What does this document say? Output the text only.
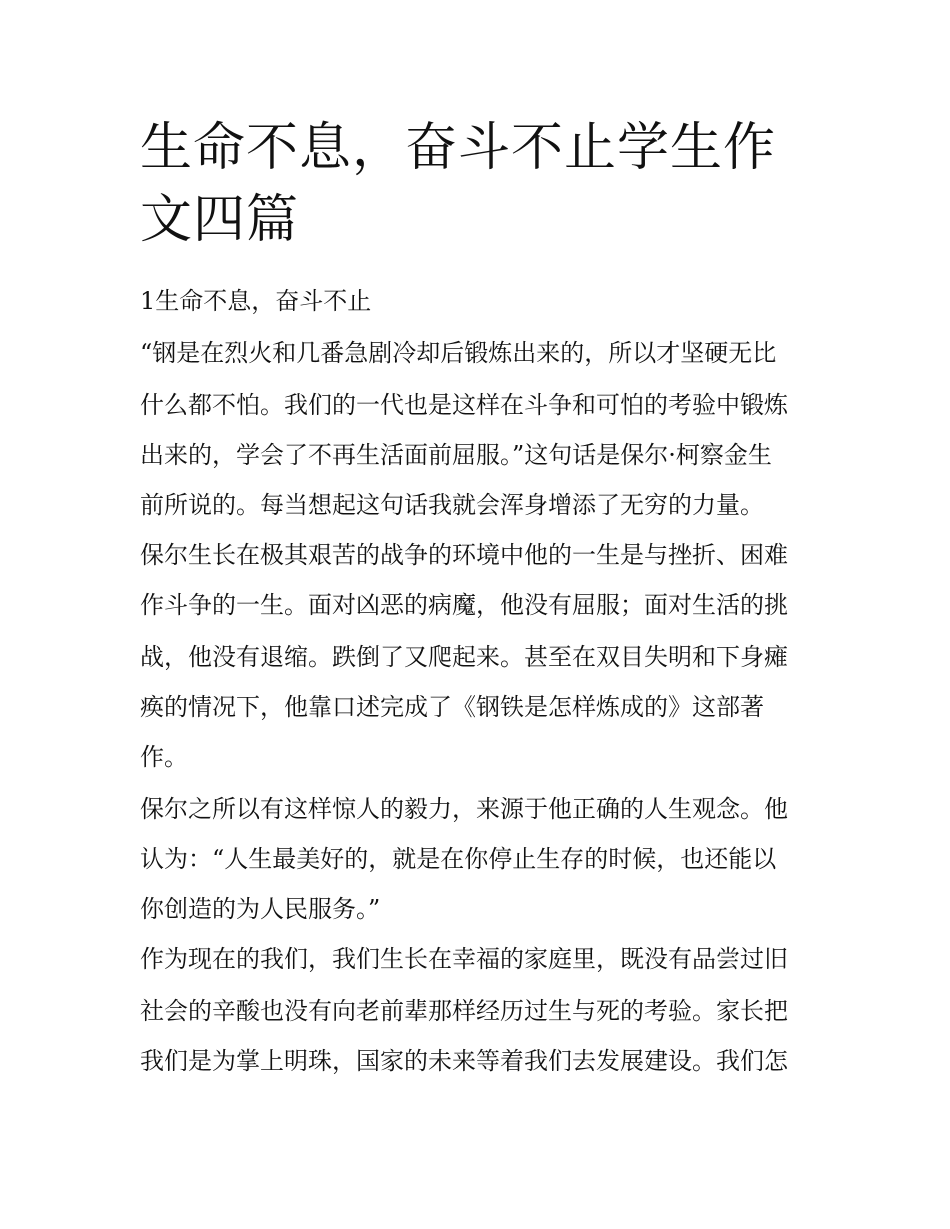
生命不息，奋斗不止学生作文四篇

1生命不息，奋斗不止

“钢是在烈火和几番急剧冷却后锻炼出来的，所以才坚硬无比

什么都不怕。我们的一代也是这样在斗争和可怕的考验中锻炼

出来的，学会了不再生活面前屈服。”这句话是保尔·柯察金生

前所说的。每当想起这句话我就会浑身增添了无穷的力量。

保尔生长在极其艰苦的战争的环境中他的一生是与挫折、困难

作斗争的一生。面对凶恶的病魔，他没有屈服；面对生活的挑

战，他没有退缩。跌倒了又爬起来。甚至在双目失明和下身瘫

痪的情况下，他靠口述完成了《钢铁是怎样炼成的》这部著

作。

保尔之所以有这样惊人的毅力，来源于他正确的人生观念。他

认为：“人生最美好的，就是在你停止生存的时候，也还能以

你创造的为人民服务。”

作为现在的我们，我们生长在幸福的家庭里，既没有品尝过旧

社会的辛酸也没有向老前辈那样经历过生与死的考验。家长把

我们是为掌上明珠，国家的未来等着我们去发展建设。我们怎
